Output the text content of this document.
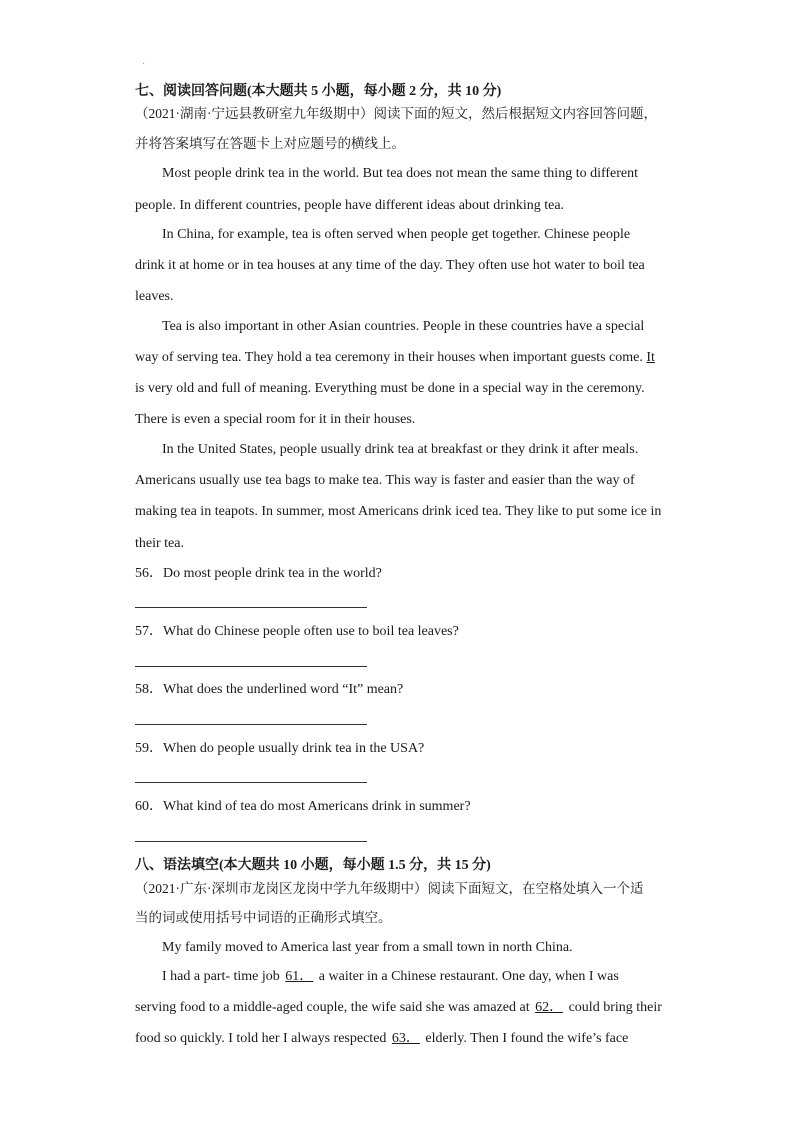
·
七、阅读回答问题(本大题共 5 小题，每小题 2 分，共 10 分)
（2021·湖南·宁远县教研室九年级期中）阅读下面的短文，然后根据短文内容回答问题，
并将答案填写在答题卡上对应题号的横线上。
Most people drink tea in the world. But tea does not mean the same thing to different
people. In different countries, people have different ideas about drinking tea.
In China, for example, tea is often served when people get together. Chinese people
drink it at home or in tea houses at any time of the day. They often use hot water to boil tea
leaves.
Tea is also important in other Asian countries. People in these countries have a special
way of serving tea. They hold a tea ceremony in their houses when important guests come. It
is very old and full of meaning. Everything must be done in a special way in the ceremony.
There is even a special room for it in their houses.
In the United States, people usually drink tea at breakfast or they drink it after meals.
Americans usually use tea bags to make tea. This way is faster and easier than the way of
making tea in teapots. In summer, most Americans drink iced tea. They like to put some ice in
their tea.
56．Do most people drink tea in the world?
57．What do Chinese people often use to boil tea leaves?
58．What does the underlined word “It” mean?
59．When do people usually drink tea in the USA?
60．What kind of tea do most Americans drink in summer?
八、语法填空(本大题共 10 小题，每小题 1.5 分，共 15 分)
（2021·广东·深圳市龙岗区龙岗中学九年级期中）阅读下面短文，在空格处填入一个适
当的词或使用括号中词语的正确形式填空。
My family moved to America last year from a small town in north China.
I had a part- time job 61． a waiter in a Chinese restaurant. One day, when I was
serving food to a middle-aged couple, the wife said she was amazed at 62． could bring their
food so quickly. I told her I always respected 63． elderly. Then I found the wife’s face
